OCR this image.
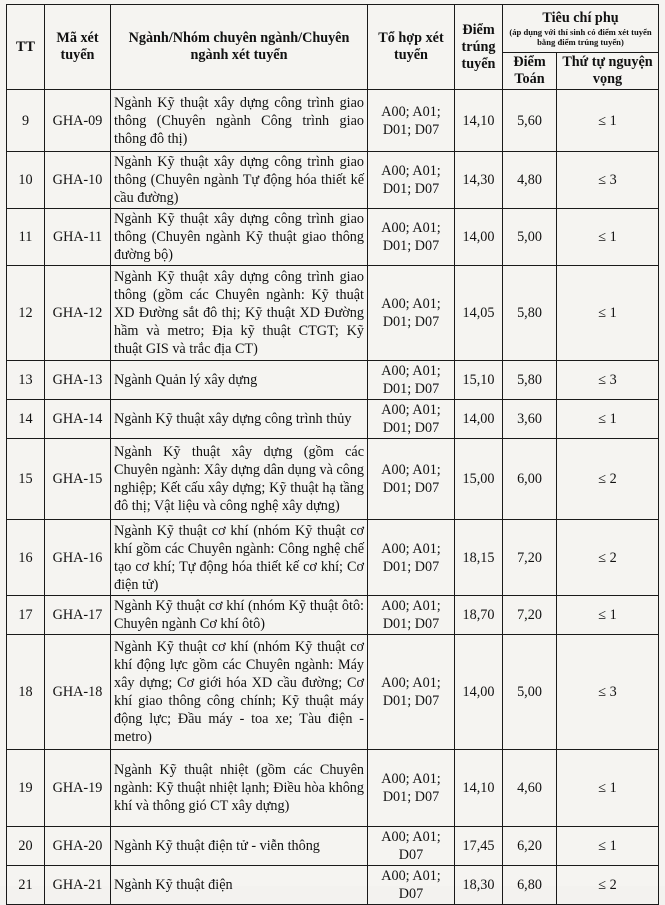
TT	Mã xét tuyển	Ngành/Nhóm chuyên ngành/Chuyên ngành xét tuyển	Tổ hợp xét tuyển	Điểm trúng tuyển	Tiêu chí phụ
(áp dụng với thí sinh có điểm xét tuyển bằng điểm trúng tuyển)	

					Điểm Toán	Thứ tự nguyện vọng
9	GHA-09	Ngành Kỹ thuật xây dựng công trình giao thông (Chuyên ngành Công trình giao thông đô thị)	A00; A01;
D01; D07	14,10	5,60	≤ 1
10	GHA-10	Ngành Kỹ thuật xây dựng công trình giao thông (Chuyên ngành Tự động hóa thiết kế cầu đường)	A00; A01;
D01; D07	14,30	4,80	≤ 3
11	GHA-11	Ngành Kỹ thuật xây dựng công trình giao thông (Chuyên ngành Kỹ thuật giao thông đường bộ)	A00; A01;
D01; D07	14,00	5,00	≤ 1
12	GHA-12	Ngành Kỹ thuật xây dựng công trình giao thông (gồm các Chuyên ngành: Kỹ thuật XD Đường sắt đô thị; Kỹ thuật XD Đường hầm và metro; Địa kỹ thuật CTGT; Kỹ thuật GIS và trắc địa CT)	A00; A01;
D01; D07	14,05	5,80	≤ 1
13	GHA-13	Ngành Quản lý xây dựng	A00; A01;
D01; D07	15,10	5,80	≤ 3
14	GHA-14	Ngành Kỹ thuật xây dựng công trình thủy	A00; A01;
D01; D07	14,00	3,60	≤ 1
15	GHA-15	Ngành Kỹ thuật xây dựng (gồm các Chuyên ngành: Xây dựng dân dụng và công nghiệp; Kết cấu xây dựng; Kỹ thuật hạ tầng đô thị; Vật liệu và công nghệ xây dựng)	A00; A01;
D01; D07	15,00	6,00	≤ 2
16	GHA-16	Ngành Kỹ thuật cơ khí (nhóm Kỹ thuật cơ khí gồm các Chuyên ngành: Công nghệ chế tạo cơ khí; Tự động hóa thiết kế cơ khí; Cơ điện tử)	A00; A01;
D01; D07	18,15	7,20	≤ 2
17	GHA-17	Ngành Kỹ thuật cơ khí (nhóm Kỹ thuật ôtô: Chuyên ngành Cơ khí ôtô)	A00; A01;
D01; D07	18,70	7,20	≤ 1
18	GHA-18	Ngành Kỹ thuật cơ khí (nhóm Kỹ thuật cơ khí động lực gồm các Chuyên ngành: Máy xây dựng; Cơ giới hóa XD cầu đường; Cơ khí giao thông công chính; Kỹ thuật máy động lực; Đầu máy - toa xe; Tàu điện - metro)	A00; A01;
D01; D07	14,00	5,00	≤ 3
19	GHA-19	Ngành Kỹ thuật nhiệt (gồm các Chuyên ngành: Kỹ thuật nhiệt lạnh; Điều hòa không khí và thông gió CT xây dựng)	A00; A01;
D01; D07	14,10	4,60	≤ 1
20	GHA-20	Ngành Kỹ thuật điện tử - viễn thông	A00; A01;
D07	17,45	6,20	≤ 1
21	GHA-21	Ngành Kỹ thuật điện	A00; A01;
D07	18,30	6,80	≤ 2
